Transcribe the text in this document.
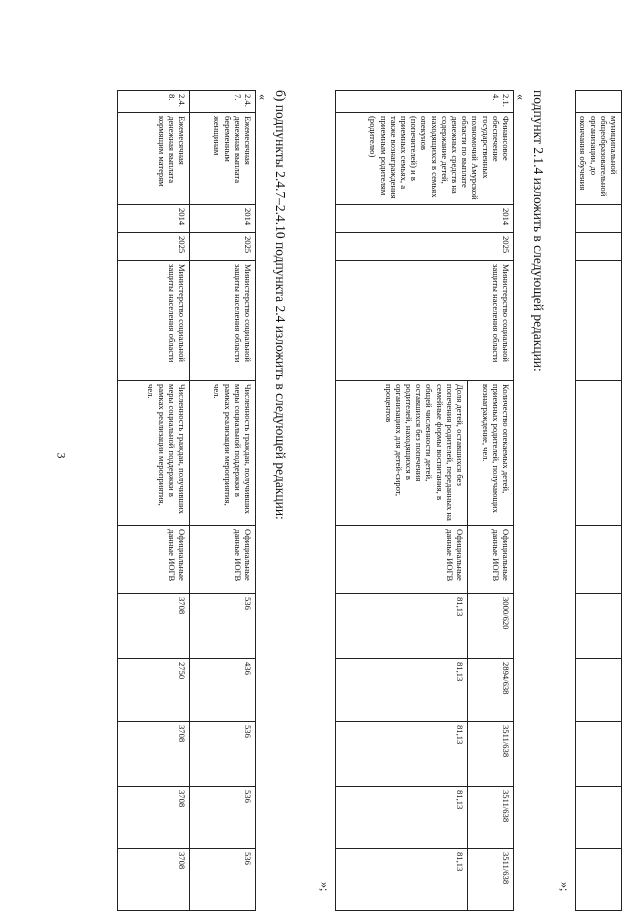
3
	муниципальной общеобразовательной организации, до окончания обучения										
»;
подпункт 2.1.4 изложить в следующей редакции:
«
2.1.4.	Финансовое обеспечение государственных полномочий Амурской области по выплате денежных средств на содержание детей, находящихся в семьях опекунов (попечителей) и в приемных семьях, а также вознаграждения приемным родителям (родителю)	2014	2025	Министерство социальной защиты населения области	Количество опекаемых детей, приемных родителей, получающих вознаграждение, чел.	Официальные данные ИОГВ	3000/620	2894/638	3511/638	3511/638	3511/638
					Доля детей, оставшихся без попечения родителей, переданных на семейные формы воспитания, в общей численности детей, оставшихся без попечения родителей, находящихся в организациях для детей-сирот, процентов	Официальные данные ИОГВ	81,13	81,13	81,13	81,13	81,13
»;
б) подпункты 2.4.7–2.4.10 подпункта 2.4 изложить в следующей редакции:
«
2.4.7.	Ежемесячная денежная выплата беременным женщинам	2014	2025	Министерство социальной защиты населения области	Численность граждан, получивших меры социальной поддержки в рамках реализации мероприятия, чел.	Официальные данные ИОГВ	536	436	536	536	536
2.4.8.	Ежемесячная денежная выплата кормящим матерям	2014	2025	Министерство социальной защиты населения области	Численность граждан, получивших меры социальной поддержки в рамках реализации мероприятия, чел.	Официальные данные ИОГВ	3708	2750	3708	3708	3708
